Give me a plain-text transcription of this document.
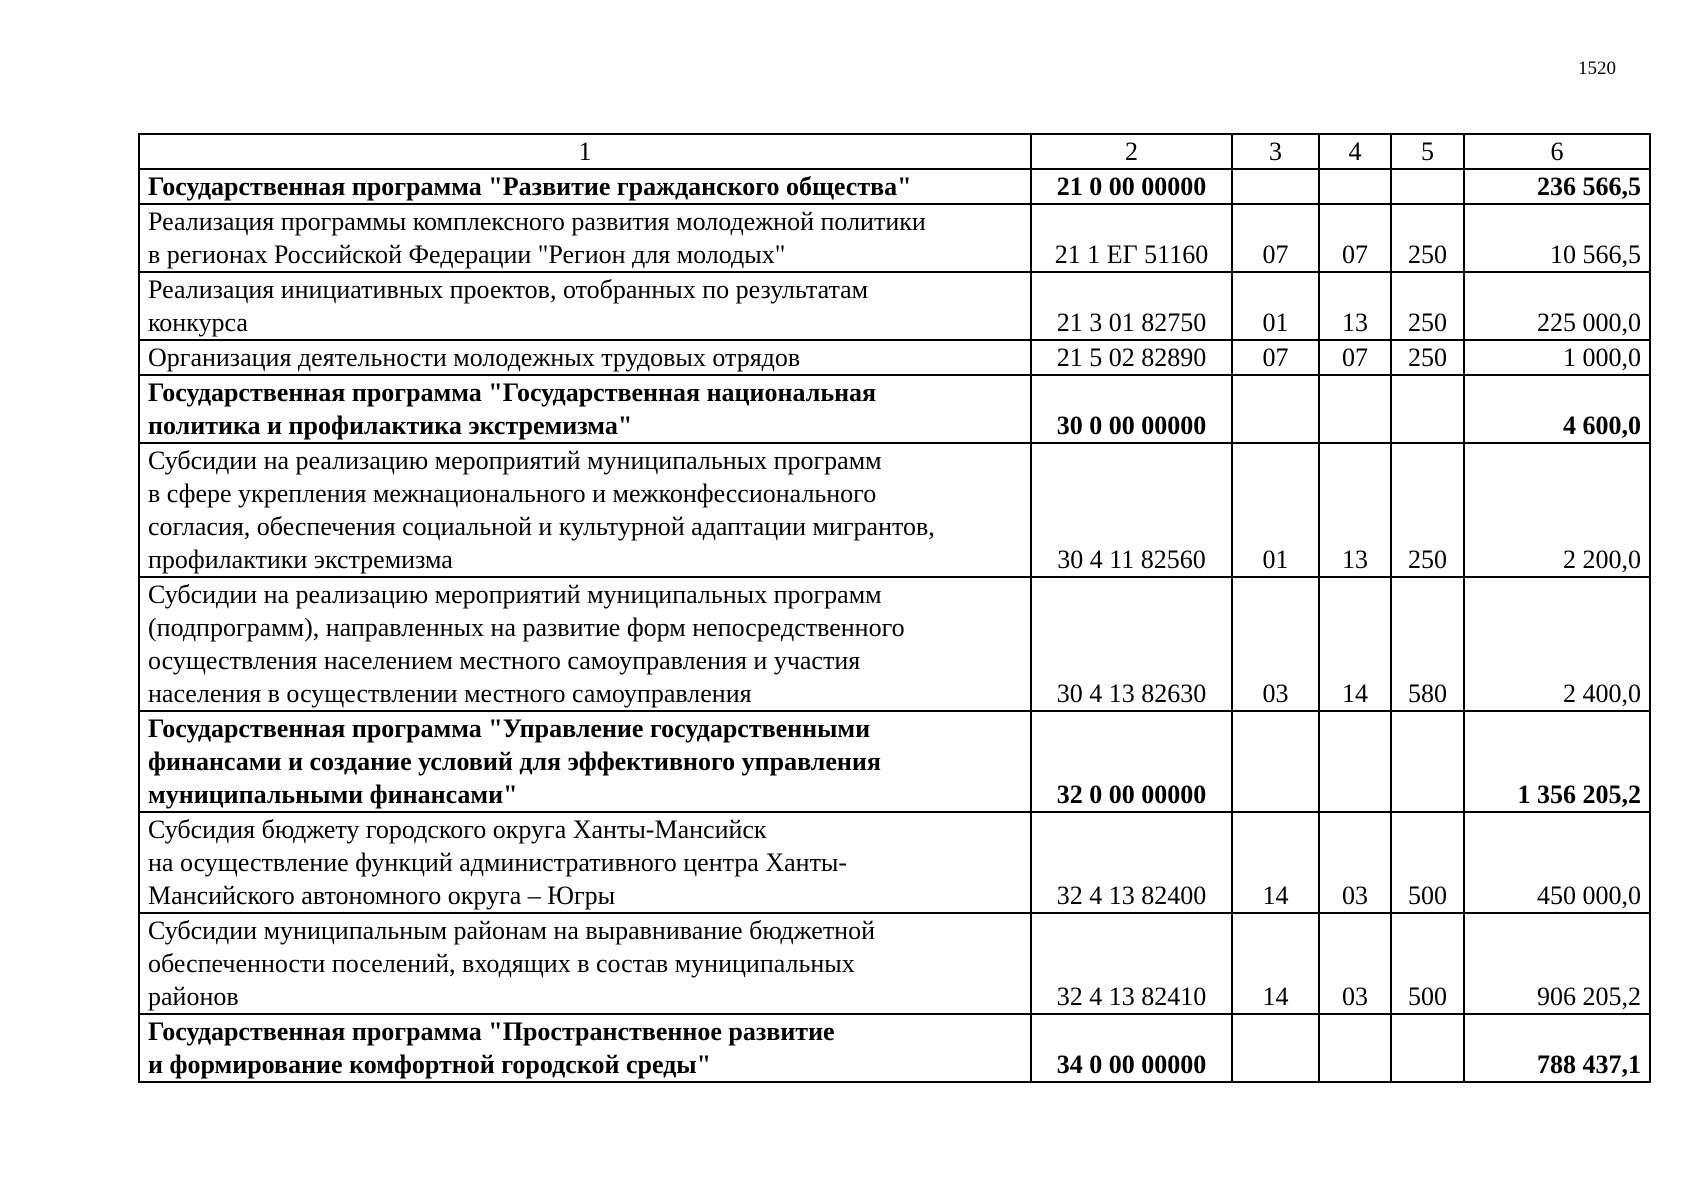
1520
1	2	3	4	5	6

Государственная программа "Развитие гражданского общества"	21 0 00 00000				236 566,5

Реализация программы комплексного развития молодежной политики
в регионах Российской Федерации "Регион для молодых"	21 1 ЕГ 51160	07	07	250	10 566,5

Реализация инициативных проектов, отобранных по результатам
конкурса	21 3 01 82750	01	13	250	225 000,0

Организация деятельности молодежных трудовых отрядов	21 5 02 82890	07	07	250	1 000,0

Государственная программа "Государственная национальная
политика и профилактика экстремизма"	30 0 00 00000				4 600,0

Субсидии на реализацию мероприятий муниципальных программ
в сфере укрепления межнационального и межконфессионального
согласия, обеспечения социальной и культурной адаптации мигрантов,
профилактики экстремизма	30 4 11 82560	01	13	250	2 200,0

Субсидии на реализацию мероприятий муниципальных программ
(подпрограмм), направленных на развитие форм непосредственного
осуществления населением местного самоуправления и участия
населения в осуществлении местного самоуправления	30 4 13 82630	03	14	580	2 400,0

Государственная программа "Управление государственными
финансами и создание условий для эффективного управления
муниципальными финансами"	32 0 00 00000				1 356 205,2

Субсидия бюджету городского округа Ханты-Мансийск
на осуществление функций административного центра Ханты-
Мансийского автономного округа – Югры	32 4 13 82400	14	03	500	450 000,0

Субсидии муниципальным районам на выравнивание бюджетной
обеспеченности поселений, входящих в состав муниципальных
районов	32 4 13 82410	14	03	500	906 205,2

Государственная программа "Пространственное развитие
и формирование комфортной городской среды"	34 0 00 00000				788 437,1
